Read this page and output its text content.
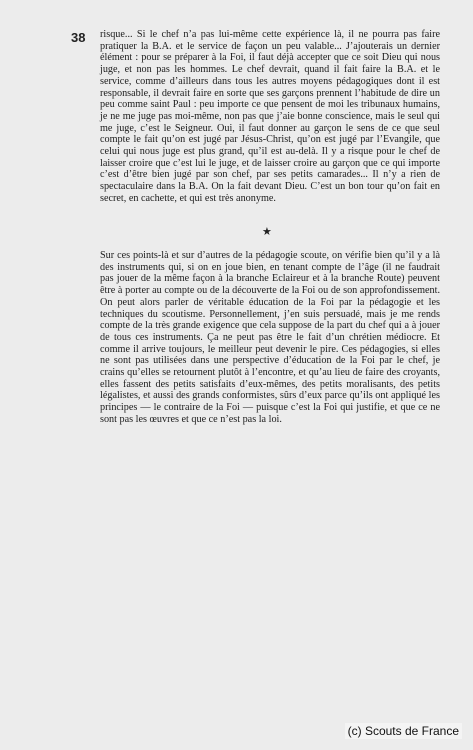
38 risque... Si le chef n’a pas lui-même cette expérience là, il ne pourra pas faire pratiquer la B.A. et le service de façon un peu valable... J’ajouterais un dernier élément : pour se préparer à la Foi, il faut déjà accepter que ce soit Dieu qui nous juge, et non pas les hommes. Le chef devrait, quand il fait faire la B.A. et le service, comme d’ailleurs dans tous les autres moyens pédagogiques dont il est responsable, il devrait faire en sorte que ses garçons prennent l’habitude de dire un peu comme saint Paul : peu importe ce que pensent de moi les tribunaux humains, je ne me juge pas moi-même, non pas que j’aie bonne conscience, mais le seul qui me juge, c’est le Seigneur. Oui, il faut donner au garçon le sens de ce que seul compte le fait qu’on est jugé par Jésus-Christ, qu’on est jugé par l’Evangile, que celui qui nous juge est plus grand, qu’il est au-delà. Il y a risque pour le chef de laisser croire que c’est lui le juge, et de laisser croire au garçon que ce qui importe c’est d’être bien jugé par son chef, par ses petits camarades... Il n’y a rien de spectaculaire dans la B.A. On la fait devant Dieu. C’est un bon tour qu’on fait en secret, en cachette, et qui est très anonyme.

★

Sur ces points-là et sur d’autres de la pédagogie scoute, on vérifie bien qu’il y a là des instruments qui, si on en joue bien, en tenant compte de l’âge (il ne faudrait pas jouer de la même façon à la branche Eclaireur et à la branche Route) peuvent être à porter au compte ou de la découverte de la Foi ou de son approfondissement. On peut alors parler de véritable éducation de la Foi par la pédagogie et les techniques du scoutisme. Personnellement, j’en suis persuadé, mais je me rends compte de la très grande exigence que cela suppose de la part du chef qui a à jouer de tous ces instruments. Ça ne peut pas être le fait d’un chrétien médiocre. Et comme il arrive toujours, le meilleur peut devenir le pire. Ces pédagogies, si elles ne sont pas utilisées dans une perspective d’éducation de la Foi par le chef, je crains qu’elles se retournent plutôt à l’encontre, et qu’au lieu de faire des croyants, elles fassent des petits satisfaits d’eux-mêmes, des petits moralisants, des petits légalistes, et aussi des grands conformistes, sûrs d’eux parce qu’ils ont appliqué les principes — le contraire de la Foi — puisque c’est la Foi qui justifie, et que ce ne sont pas les œuvres et que ce n’est pas la loi.

(c) Scouts de France
